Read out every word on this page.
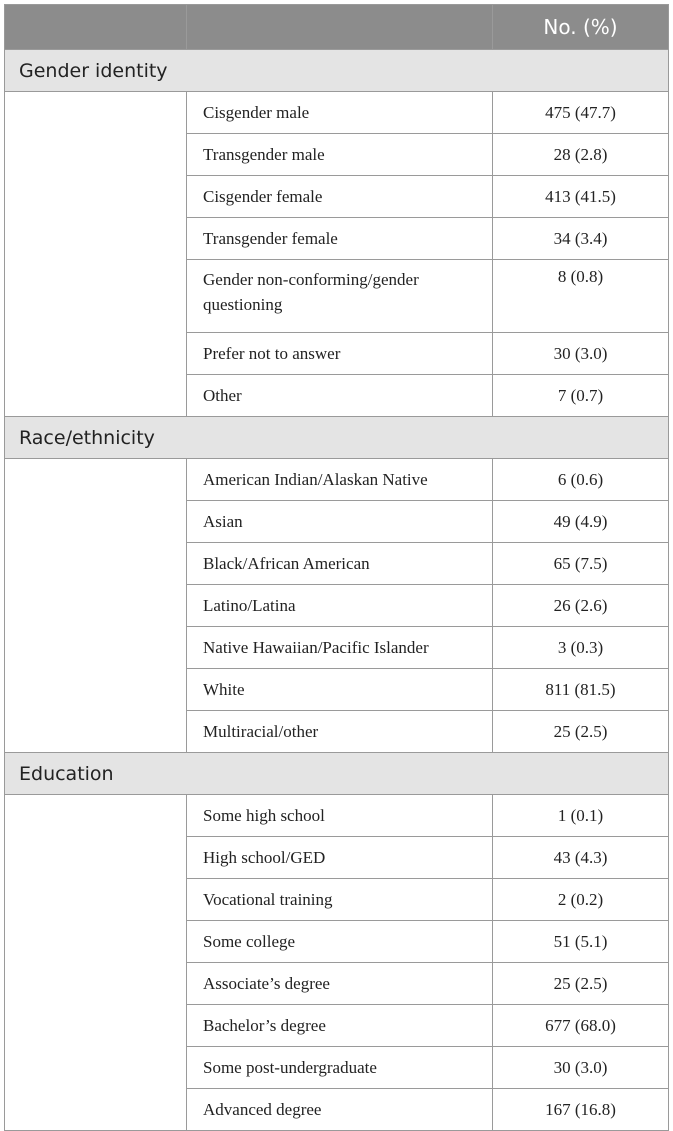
		No. (%)
Gender identity		
	Cisgender male	475 (47.7)
	Transgender male	28 (2.8)
	Cisgender female	413 (41.5)
	Transgender female	34 (3.4)
	Gender non-conforming/gender questioning	8 (0.8)
	Prefer not to answer	30 (3.0)
	Other	7 (0.7)
Race/ethnicity		
	American Indian/Alaskan Native	6 (0.6)
	Asian	49 (4.9)
	Black/African American	65 (7.5)
	Latino/Latina	26 (2.6)
	Native Hawaiian/Pacific Islander	3 (0.3)
	White	811 (81.5)
	Multiracial/other	25 (2.5)
Education		
	Some high school	1 (0.1)
	High school/GED	43 (4.3)
	Vocational training	2 (0.2)
	Some college	51 (5.1)
	Associate’s degree	25 (2.5)
	Bachelor’s degree	677 (68.0)
	Some post-undergraduate	30 (3.0)
	Advanced degree	167 (16.8)
